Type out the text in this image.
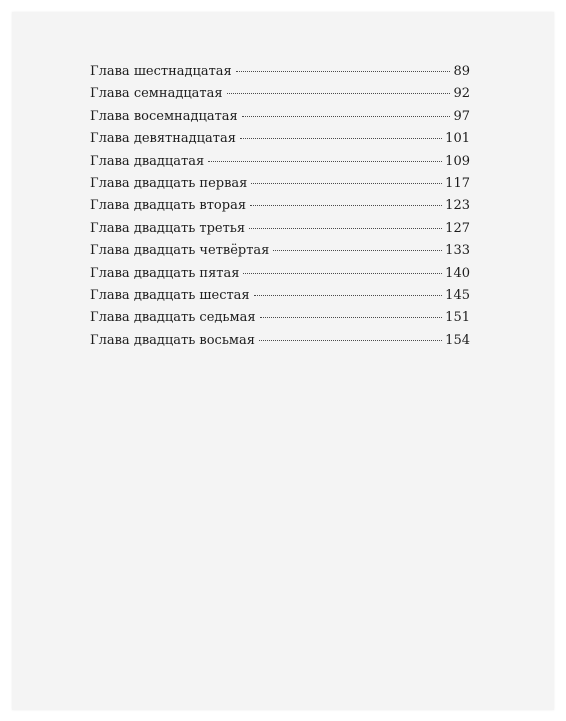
Глава шестнадцатая	89
Глава семнадцатая	92
Глава восемнадцатая	97
Глава девятнадцатая	101
Глава двадцатая	109
Глава двадцать первая	117
Глава двадцать вторая	123
Глава двадцать третья	127
Глава двадцать четвёртая	133
Глава двадцать пятая	140
Глава двадцать шестая	145
Глава двадцать седьмая	151
Глава двадцать восьмая	154
